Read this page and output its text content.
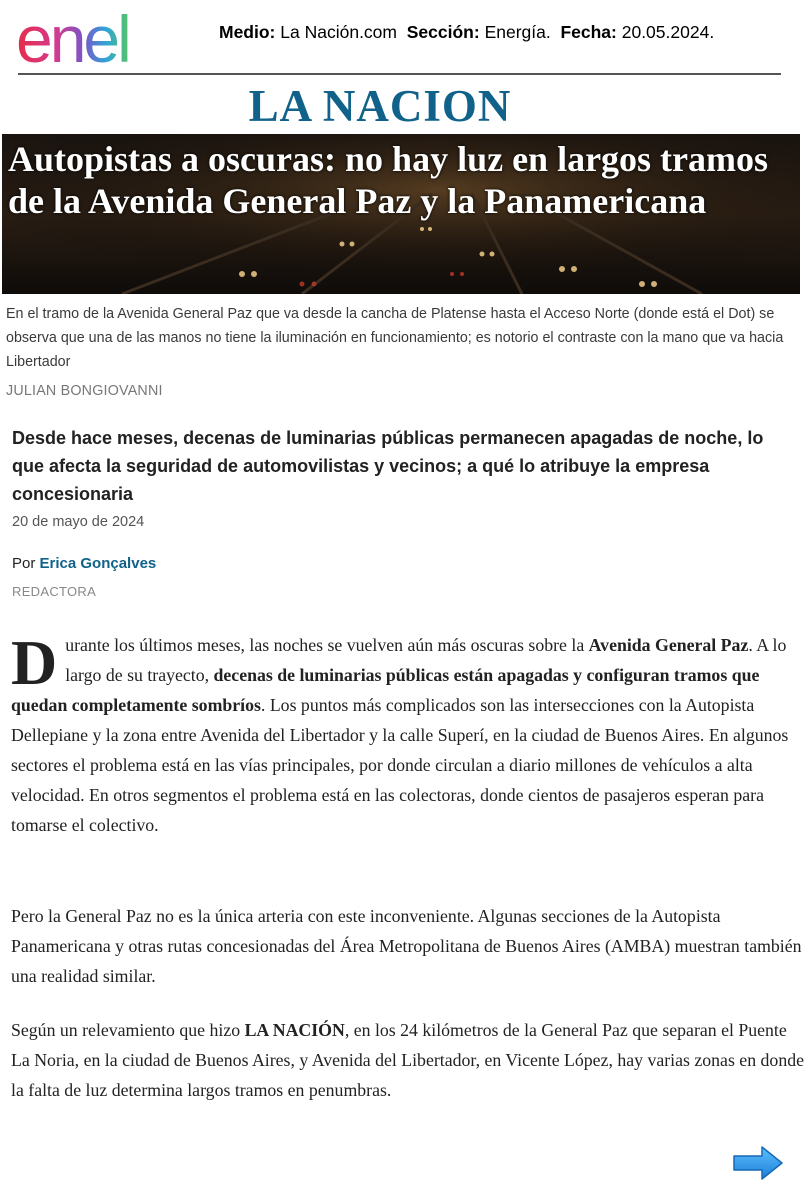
enel	Medio: La Nación.com Sección: Energía. Fecha: 20.05.2024.
LA NACION
Autopistas a oscuras: no hay luz en largos tramos de la Avenida General Paz y la Panamericana
En el tramo de la Avenida General Paz que va desde la cancha de Platense hasta el Acceso Norte (donde está el Dot) se observa que una de las manos no tiene la iluminación en funcionamiento; es notorio el contraste con la mano que va hacia Libertador
JULIAN BONGIOVANNI
Desde hace meses, decenas de luminarias públicas permanecen apagadas de noche, lo que afecta la seguridad de automovilistas y vecinos; a qué lo atribuye la empresa concesionaria
20 de mayo de 2024
Por Erica Gonçalves
REDACTORA
Durante los últimos meses, las noches se vuelven aún más oscuras sobre la Avenida General Paz. A lo largo de su trayecto, decenas de luminarias públicas están apagadas y configuran tramos que quedan completamente sombríos. Los puntos más complicados son las intersecciones con la Autopista Dellepiane y la zona entre Avenida del Libertador y la calle Superí, en la ciudad de Buenos Aires. En algunos sectores el problema está en las vías principales, por donde circulan a diario millones de vehículos a alta velocidad. En otros segmentos el problema está en las colectoras, donde cientos de pasajeros esperan para tomarse el colectivo.
Pero la General Paz no es la única arteria con este inconveniente. Algunas secciones de la Autopista Panamericana y otras rutas concesionadas del Área Metropolitana de Buenos Aires (AMBA) muestran también una realidad similar.
Según un relevamiento que hizo LA NACIÓN, en los 24 kilómetros de la General Paz que separan el Puente La Noria, en la ciudad de Buenos Aires, y Avenida del Libertador, en Vicente López, hay varias zonas en donde la falta de luz determina largos tramos en penumbras.
